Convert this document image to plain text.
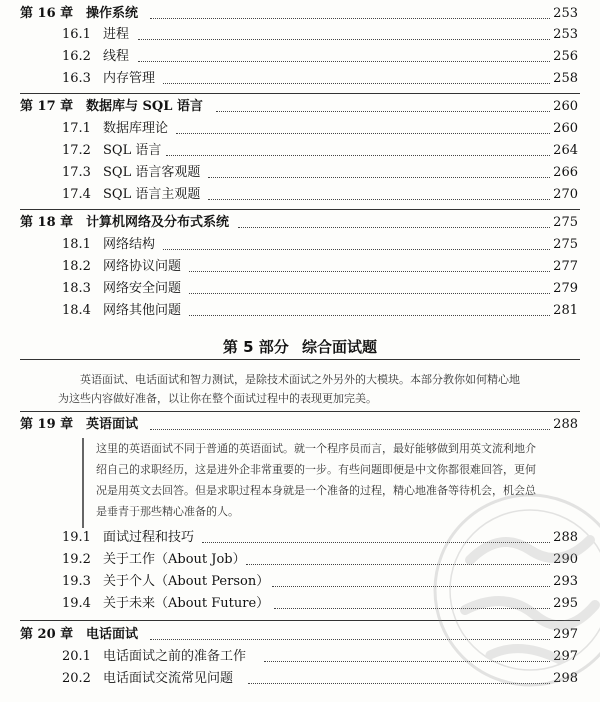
第 16 章 操作系统	253
16.1 进程	253
16.2 线程	256
16.3 内存管理	258
第 17 章 数据库与 SQL 语言	260
17.1 数据库理论	260
17.2 SQL 语言	264
17.3 SQL 语言客观题	266
17.4 SQL 语言主观题	270
第 18 章 计算机网络及分布式系统	275
18.1 网络结构	275
18.2 网络协议问题	277
18.3 网络安全问题	279
18.4 网络其他问题	281
第 5 部分 综合面试题

英语面试、电话面试和智力测试，是除技术面试之外另外的大模块。本部分教你如何精心地

为这些内容做好准备，以让你在整个面试过程中的表现更加完美。

第 19 章 英语面试	288
这里的英语面试不同于普通的英语面试。就一个程序员而言，最好能够做到用英文流利地介
绍自己的求职经历，这是进外企非常重要的一步。有些问题即便是中文你都很难回答，更何
况是用英文去回答。但是求职过程本身就是一个准备的过程，精心地准备等待机会，机会总
是垂青于那些精心准备的人。
19.1 面试过程和技巧	288
19.2 关于工作（About Job）	290
19.3 关于个人（About Person）	293
19.4 关于未来（About Future）	295
第 20 章 电话面试	297
20.1 电话面试之前的准备工作	297
20.2 电话面试交流常见问题	298
